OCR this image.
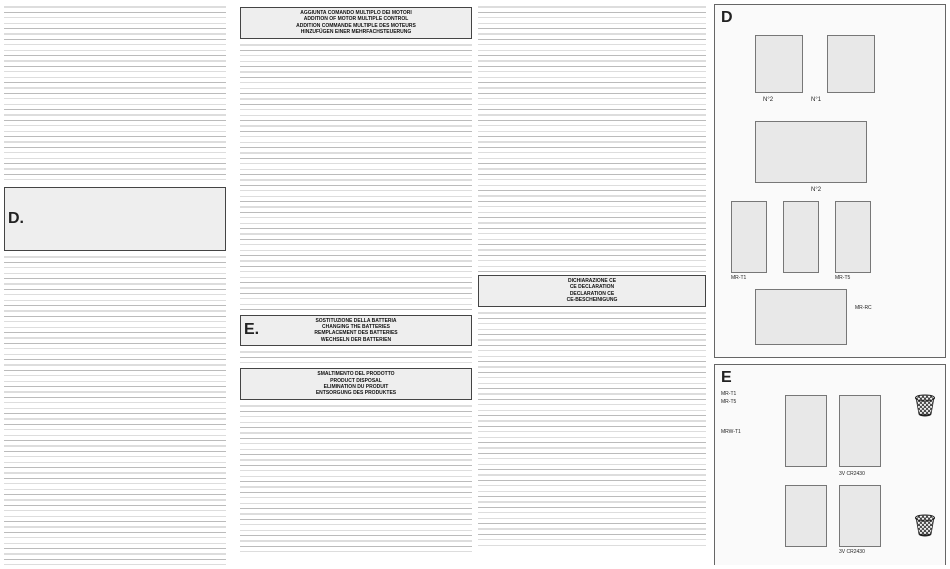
D.
AGGIUNTA COMANDO MULTIPLO DEI MOTORI
ADDITION OF MOTOR MULTIPLE CONTROL
ADDITION COMMANDE MULTIPLE DES MOTEURS
HINZUFÜGEN EINER MEHRFACHSTEUERUNG
E.
SOSTITUZIONE DELLA BATTERIA
CHANGING THE BATTERIES
REMPLACEMENT DES BATTERIES
WECHSELN DER BATTERIEN
SMALTIMENTO DEL PRODOTTO
PRODUCT DISPOSAL
ELIMINATION DU PRODUIT
ENTSORGUNG DES PRODUKTES
DICHIARAZIONE CE
CE DECLARATION
DECLARATION CE
CE-BESCHEINIGUNG
D
N°2	N°1
N°2
MR-T1	MR-T5
MR-RC
E
MR-T1
MR-T5
MRW-T1
3V CR2430
3V CR2430
🗑
🗑
